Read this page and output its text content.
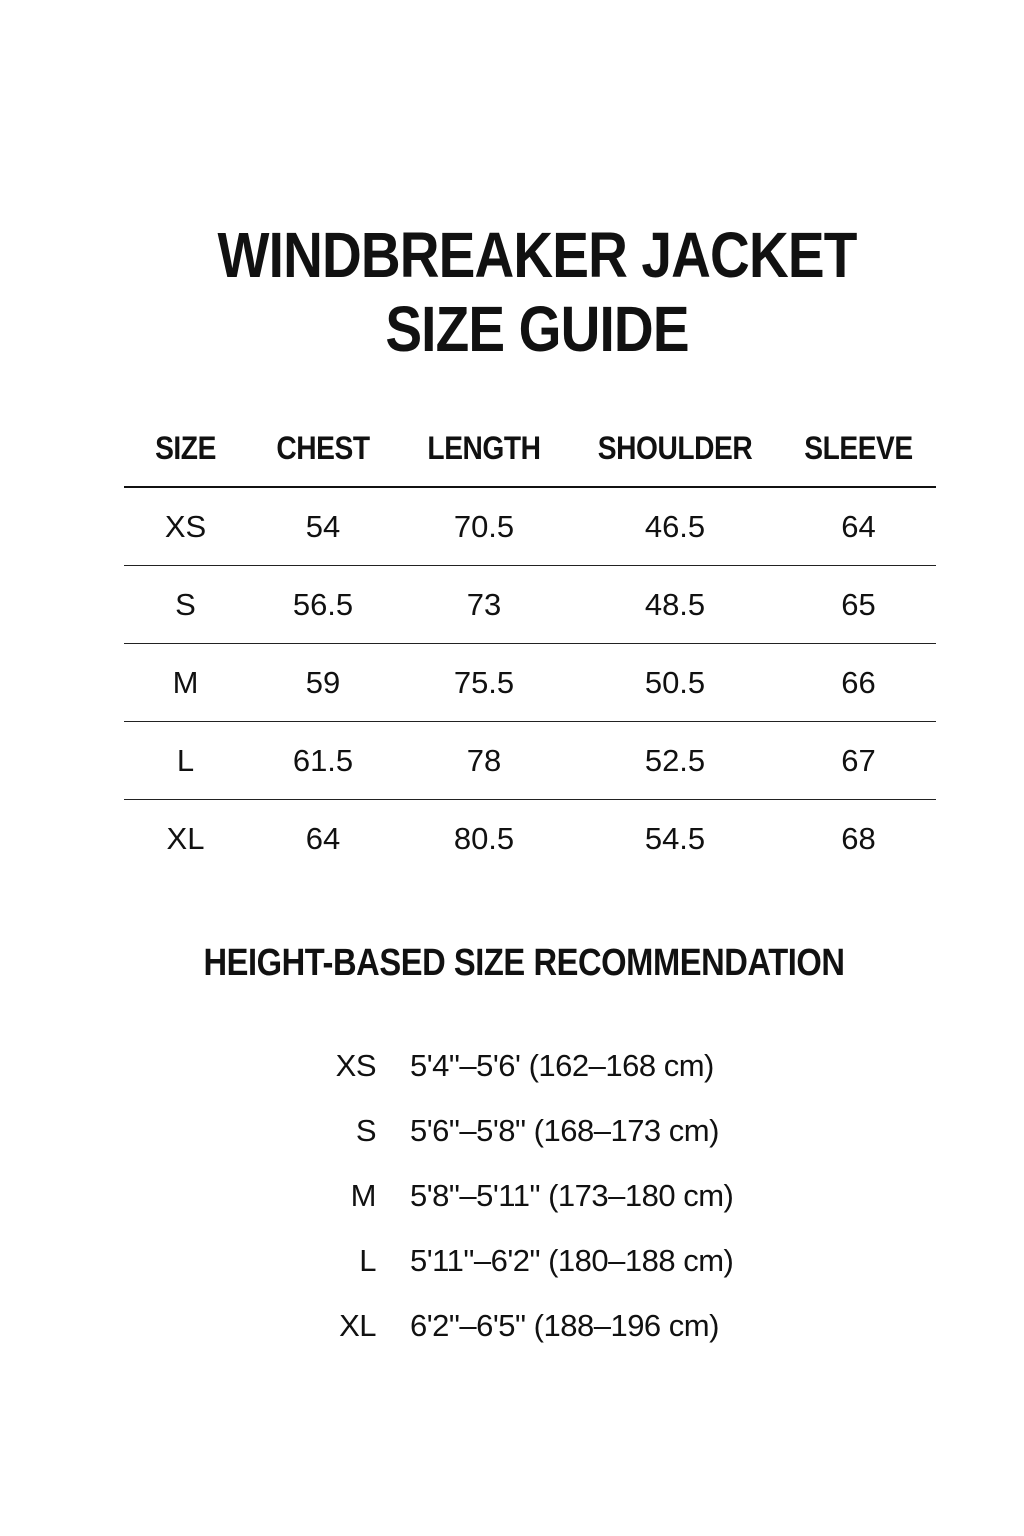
WINDBREAKER JACKET
SIZE GUIDE
SIZE	CHEST	LENGTH	SHOULDER	SLEEVE
XS	54	70.5	46.5	64
S	56.5	73	48.5	65
M	59	75.5	50.5	66
L	61.5	78	52.5	67
XL	64	80.5	54.5	68
HEIGHT-BASED SIZE RECOMMENDATION
XS 5'4"–5'6' (162–168 cm)
S 5'6"–5'8" (168–173 cm)
M 5'8"–5'11" (173–180 cm)
L 5'11"–6'2" (180–188 cm)
XL 6'2"–6'5" (188–196 cm)
